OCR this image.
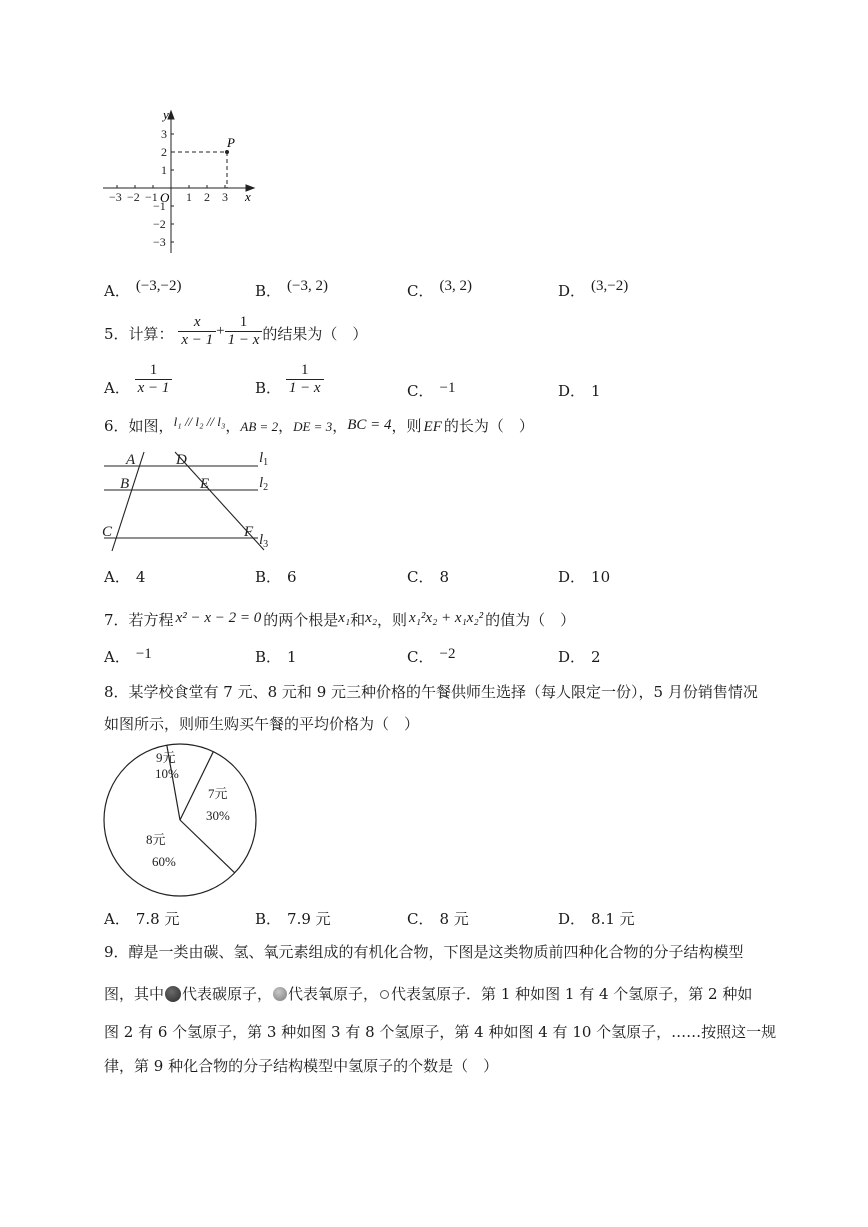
y
x
P
O
−3 −2 −1 1 2 3
3
2
1
−1
−2
−3
A． (−3,−2)	B． (−3, 2)	C． (3, 2)	D． (3,−2)
5．计算： $\frac{x}{x - 1} + \frac{1}{1 - x}$ 的结果为（　）
A． $\frac{1}{x - 1}$	B． $\frac{1}{1 - x}$	C． −1	D． 1
6．如图，l₁ // l₂ // l₃，AB = 2，DE = 3，BC = 4，则 EF 的长为（　）
A	D
B	E
C	F
$l_1$
$l_2$
$l_3$
A． 4	B． 6	C． 8	D． 10
7．若方程 x² − x − 2 = 0 的两个根是x₁和x₂，则 x₁²x₂ + x₁x₂² 的值为（　）
A． −1	B． 1	C． −2	D． 2
8．某学校食堂有 7 元、8 元和 9 元三种价格的午餐供师生选择（每人限定一份），5 月份销售情况
如图所示，则师生购买午餐的平均价格为（　）
9元
10%
7元
30%
8元
60%
A． 7.8 元	B． 7.9 元	C． 8 元	D． 8.1 元
9．醇是一类由碳、氢、氧元素组成的有机化合物，下图是这类物质前四种化合物的分子结构模型
图，其中 代表碳原子， 代表氧原子， 代表氢原子．第 1 种如图 1 有 4 个氢原子，第 2 种如
图 2 有 6 个氢原子，第 3 种如图 3 有 8 个氢原子，第 4 种如图 4 有 10 个氢原子，……按照这一规
律，第 9 种化合物的分子结构模型中氢原子的个数是（　）
